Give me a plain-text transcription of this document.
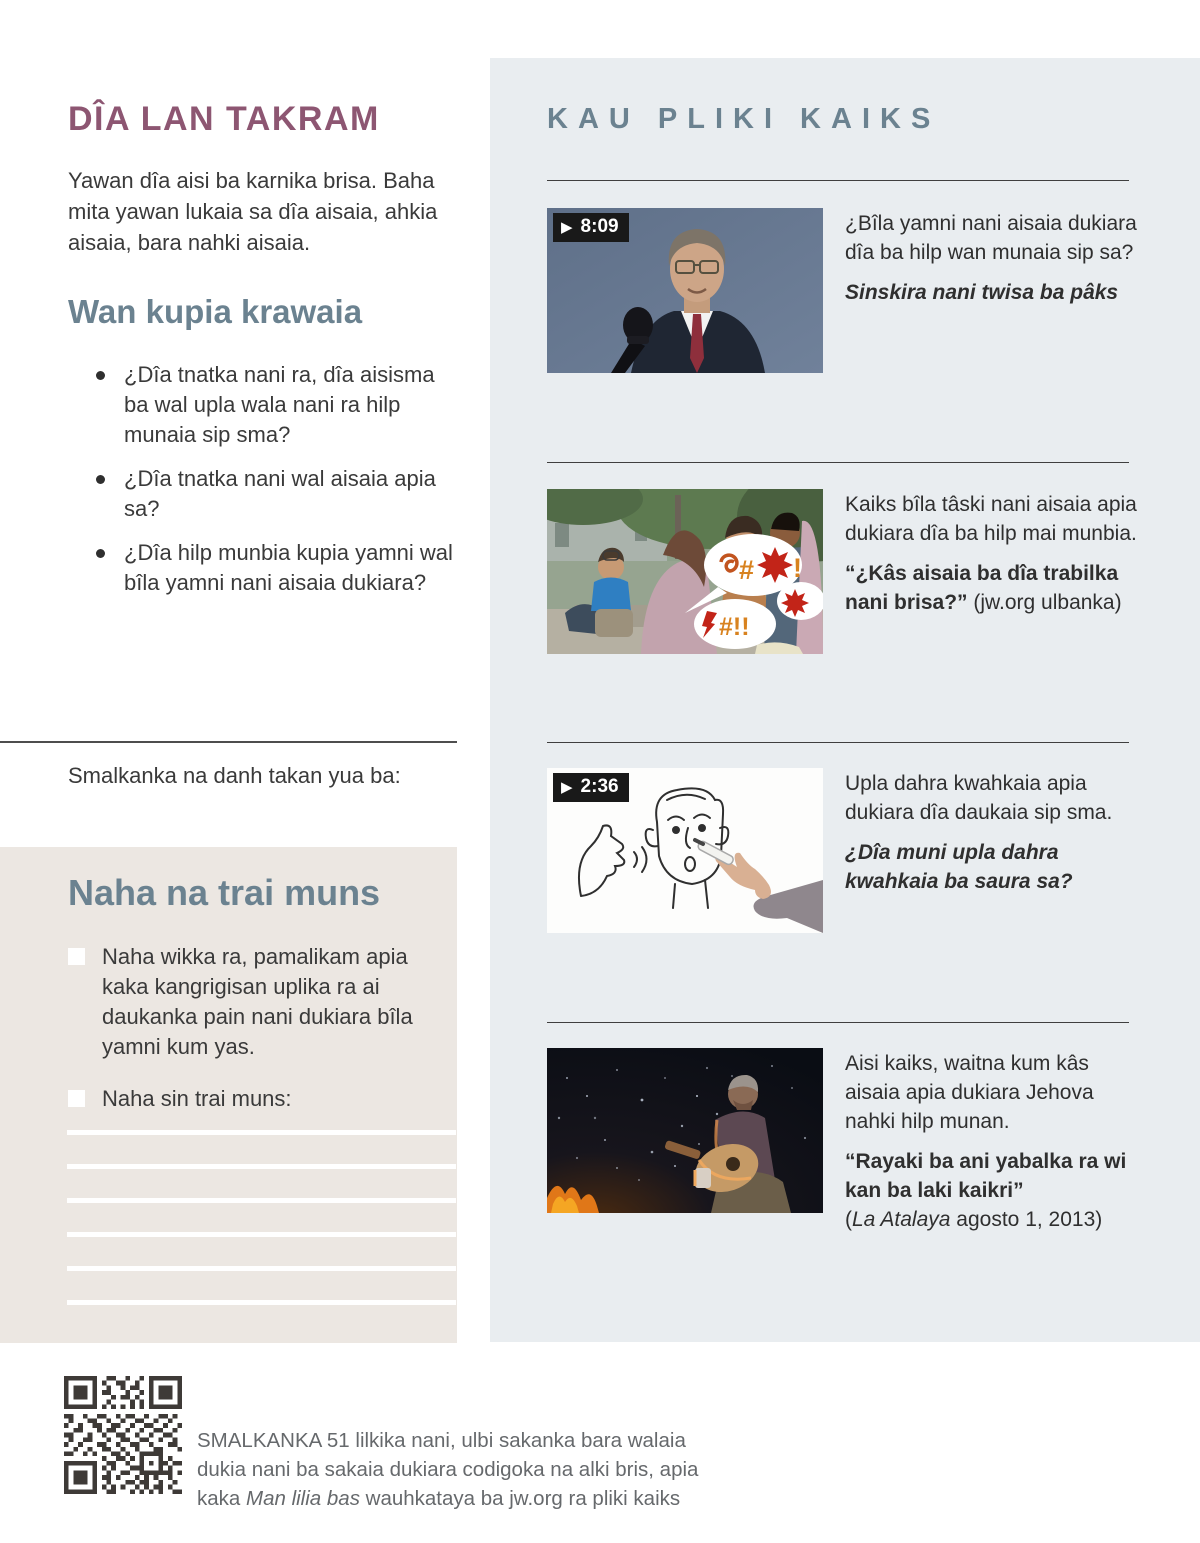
DÎA LAN TAKRAM
Yawan dîa aisi ba karnika brisa. Baha mita yawan lukaia sa dîa aisaia, ahkia aisaia, bara nahki aisaia.
Wan kupia krawaia
¿Dîa tnatka nani ra, dîa aisisma ba wal upla wala nani ra hilp munaia sip sma?
¿Dîa tnatka nani wal aisaia apia sa?
¿Dîa hilp munbia kupia yamni wal bîla yamni nani aisaia dukiara?
Smalkanka na danh takan yua ba:
Naha na trai muns
Naha wikka ra, pamalikam apia kaka kangrigisan uplika ra ai daukanka pain nani dukiara bîla yamni kum yas.
Naha sin trai muns:
KAU PLIKI KAIKS
▶ 8:09
# !
#!!
▶ 2:36

¿Bîla yamni nani aisaia dukiara dîa ba hilp wan munaia sip sa?

Sinskira nani twisa ba pâks

Kaiks bîla tâski nani aisaia apia dukiara dîa ba hilp mai munbia.

“¿Kâs aisaia ba dîa trabilka nani brisa?” (jw.org ulbanka)

Upla dahra kwahkaia apia dukiara dîa daukaia sip sma.

¿Dîa muni upla dahra kwahkaia ba saura sa?

Aisi kaiks, waitna kum kâs aisaia apia dukiara Jehova nahki hilp munan.

“Rayaki ba ani yabalka ra wi kan ba laki kaikri”

(La Atalaya agosto 1, 2013)

SMALKANKA 51 lilkika nani, ulbi sakanka bara walaia dukia nani ba sakaia dukiara codigoka na alki bris, apia kaka Man lilia bas wauhkataya ba jw.org ra pliki kaiks
